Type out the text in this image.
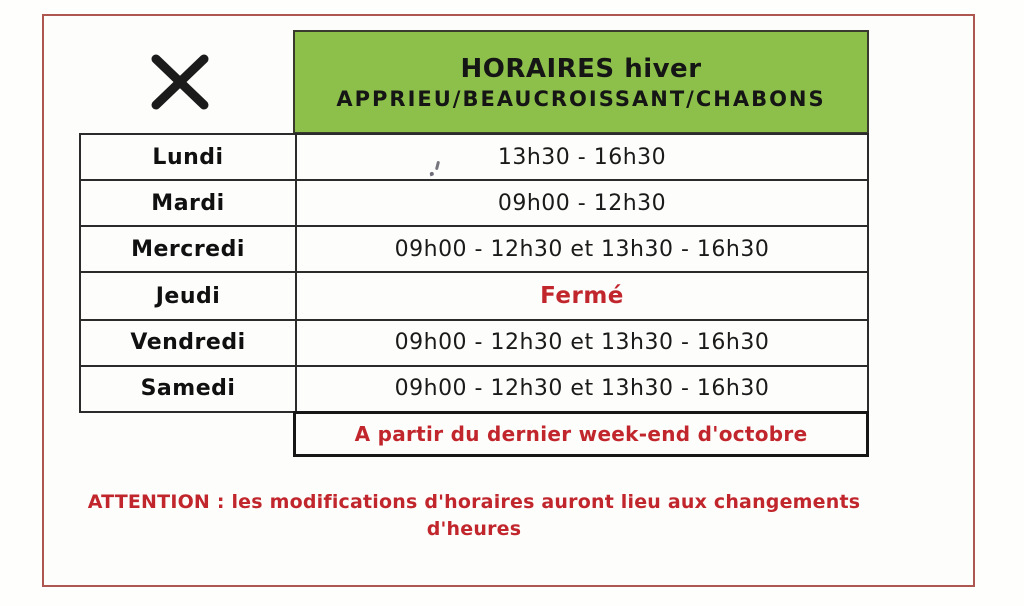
HORAIRES hiver
APPRIEU/BEAUCROISSANT/CHABONS
Lundi	13h30 - 16h30
Mardi	09h00 - 12h30
Mercredi	09h00 - 12h30 et 13h30 - 16h30
Jeudi	Fermé
Vendredi	09h00 - 12h30 et 13h30 - 16h30
Samedi	09h00 - 12h30 et 13h30 - 16h30
A partir du dernier week-end d'octobre
ATTENTION : les modifications d'horaires auront lieu aux changements
d'heures
